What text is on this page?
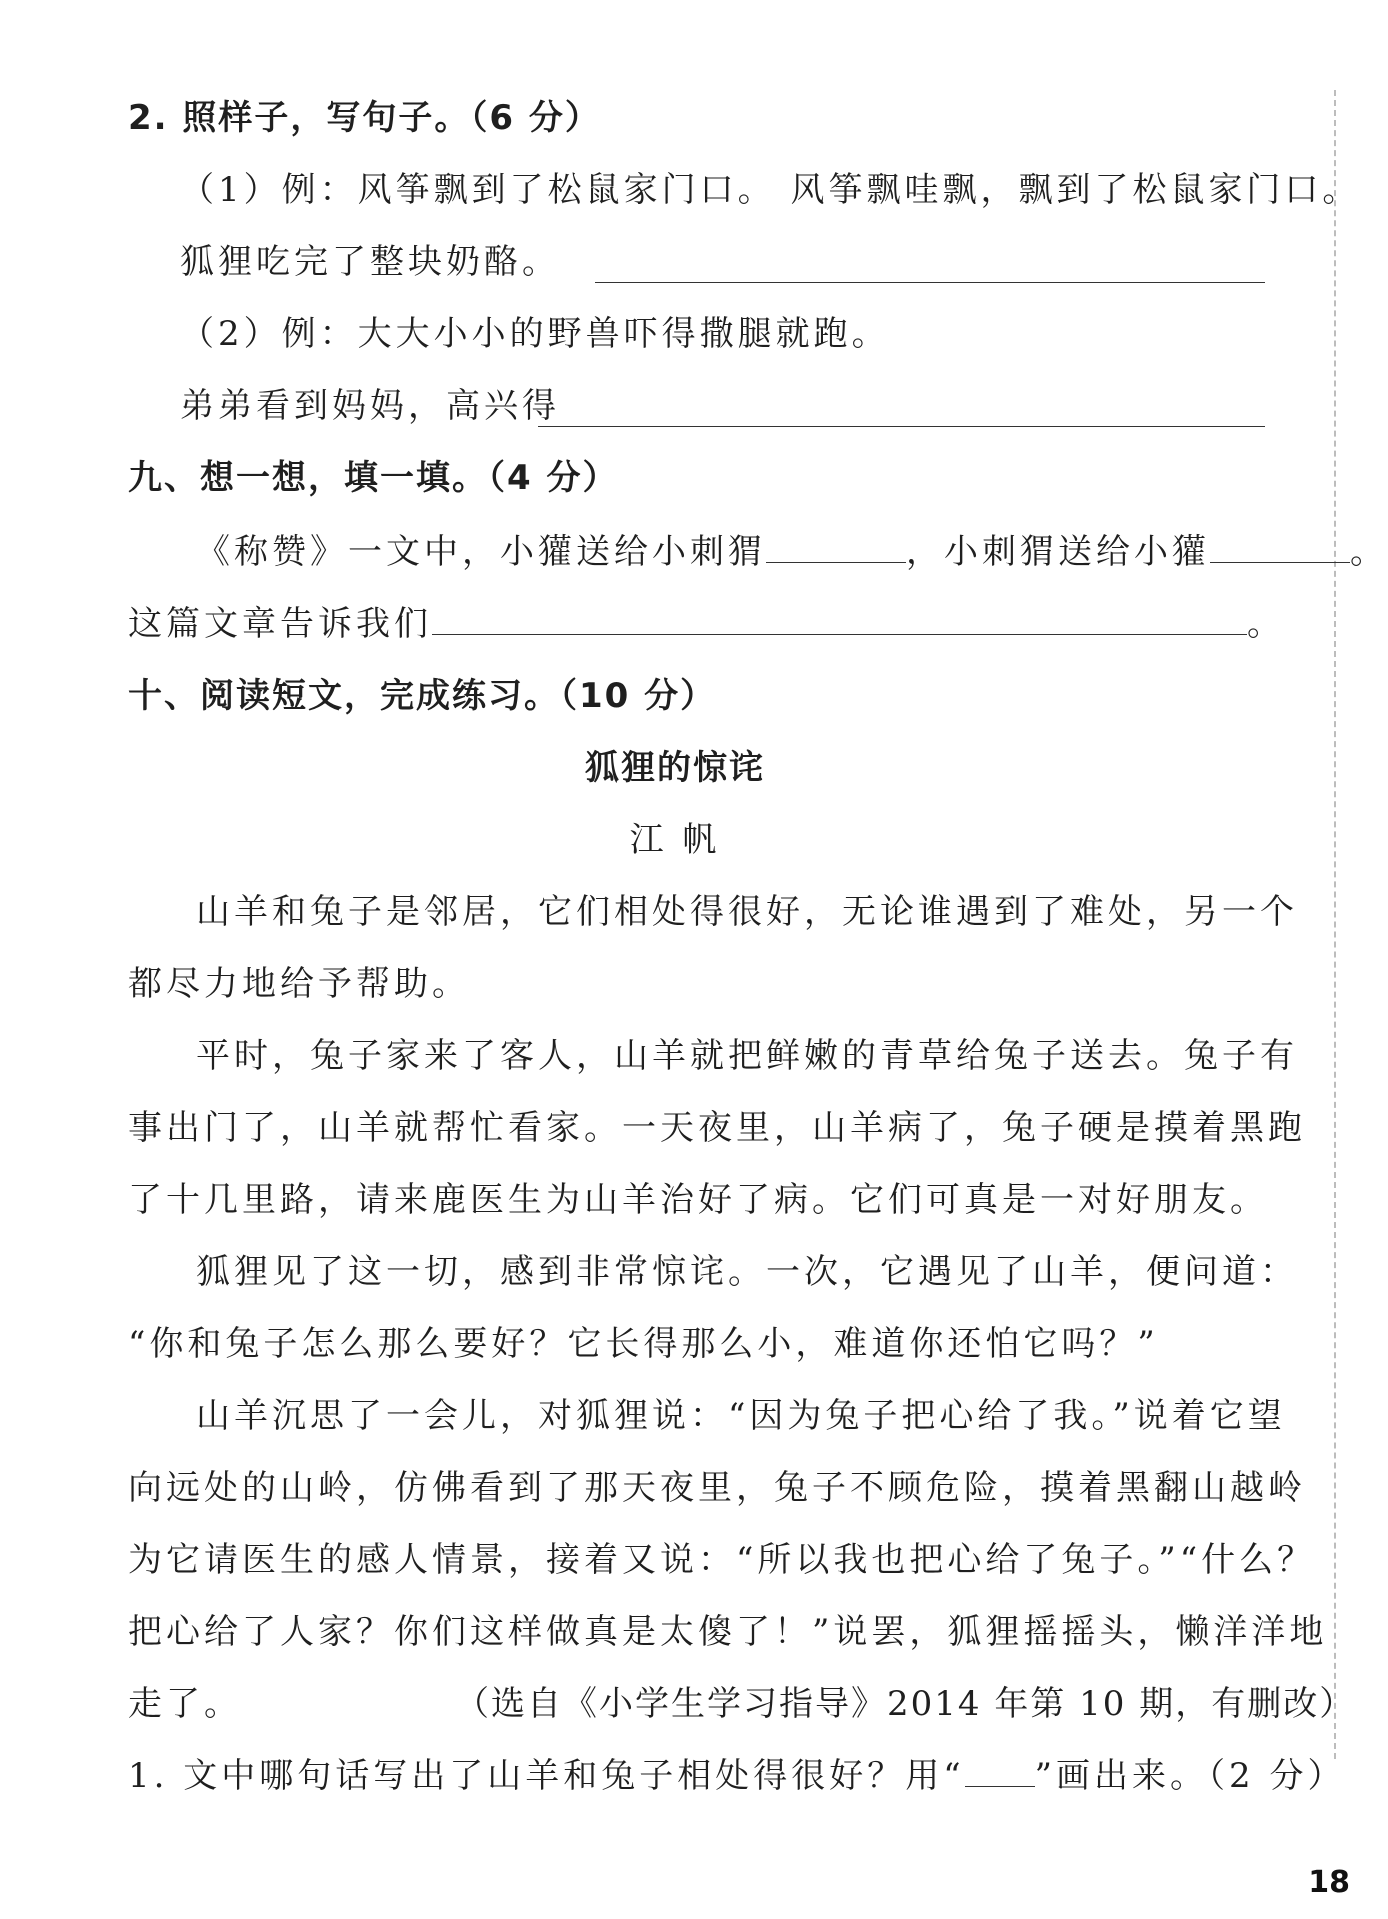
2. 照样子，写句子。（6 分）
（1）例：风筝飘到了松鼠家门口。 风筝飘哇飘，飘到了松鼠家门口。
狐狸吃完了整块奶酪。
（2）例：大大小小的野兽吓得撒腿就跑。
弟弟看到妈妈，高兴得
九、想一想，填一填。（4 分）
《称赞》一文中，小獾送给小刺猬	，小刺猬送给小獾	。
这篇文章告诉我们	。
十、阅读短文，完成练习。（10 分）
狐狸的惊诧
江 帆
山羊和兔子是邻居，它们相处得很好，无论谁遇到了难处，另一个
都尽力地给予帮助。
平时，兔子家来了客人，山羊就把鲜嫩的青草给兔子送去。兔子有
事出门了，山羊就帮忙看家。一天夜里，山羊病了，兔子硬是摸着黑跑
了十几里路，请来鹿医生为山羊治好了病。它们可真是一对好朋友。
狐狸见了这一切，感到非常惊诧。一次，它遇见了山羊，便问道：
“你和兔子怎么那么要好？它长得那么小，难道你还怕它吗？”
山羊沉思了一会儿，对狐狸说：“因为兔子把心给了我。”说着它望
向远处的山岭，仿佛看到了那天夜里，兔子不顾危险，摸着黑翻山越岭
为它请医生的感人情景，接着又说：“所以我也把心给了兔子。”“什么？
把心给了人家？你们这样做真是太傻了！”说罢，狐狸摇摇头，懒洋洋地
走了。	（选自《小学生学习指导》2014 年第 10 期，有删改）
1. 文中哪句话写出了山羊和兔子相处得很好？用“ ”画出来。（2 分）
18
